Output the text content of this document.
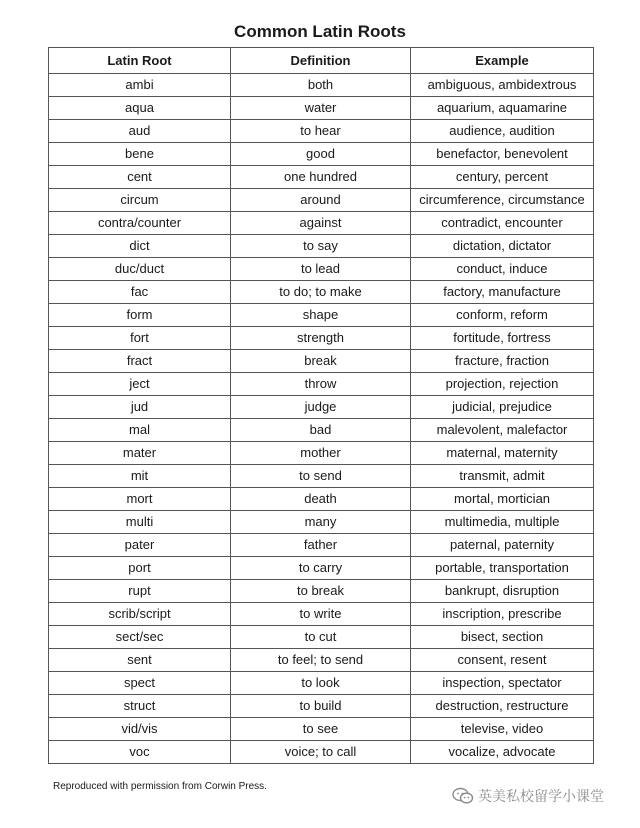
Common Latin Roots
Latin Root	Definition	Example
ambi	both	ambiguous, ambidextrous
aqua	water	aquarium, aquamarine
aud	to hear	audience, audition
bene	good	benefactor, benevolent
cent	one hundred	century, percent
circum	around	circumference, circumstance
contra/counter	against	contradict, encounter
dict	to say	dictation, dictator
duc/duct	to lead	conduct, induce
fac	to do; to make	factory, manufacture
form	shape	conform, reform
fort	strength	fortitude, fortress
fract	break	fracture, fraction
ject	throw	projection, rejection
jud	judge	judicial, prejudice
mal	bad	malevolent, malefactor
mater	mother	maternal, maternity
mit	to send	transmit, admit
mort	death	mortal, mortician
multi	many	multimedia, multiple
pater	father	paternal, paternity
port	to carry	portable, transportation
rupt	to break	bankrupt, disruption
scrib/script	to write	inscription, prescribe
sect/sec	to cut	bisect, section
sent	to feel; to send	consent, resent
spect	to look	inspection, spectator
struct	to build	destruction, restructure
vid/vis	to see	televise, video
voc	voice; to call	vocalize, advocate
Reproduced with permission from Corwin Press.
英美私校留学小课堂
